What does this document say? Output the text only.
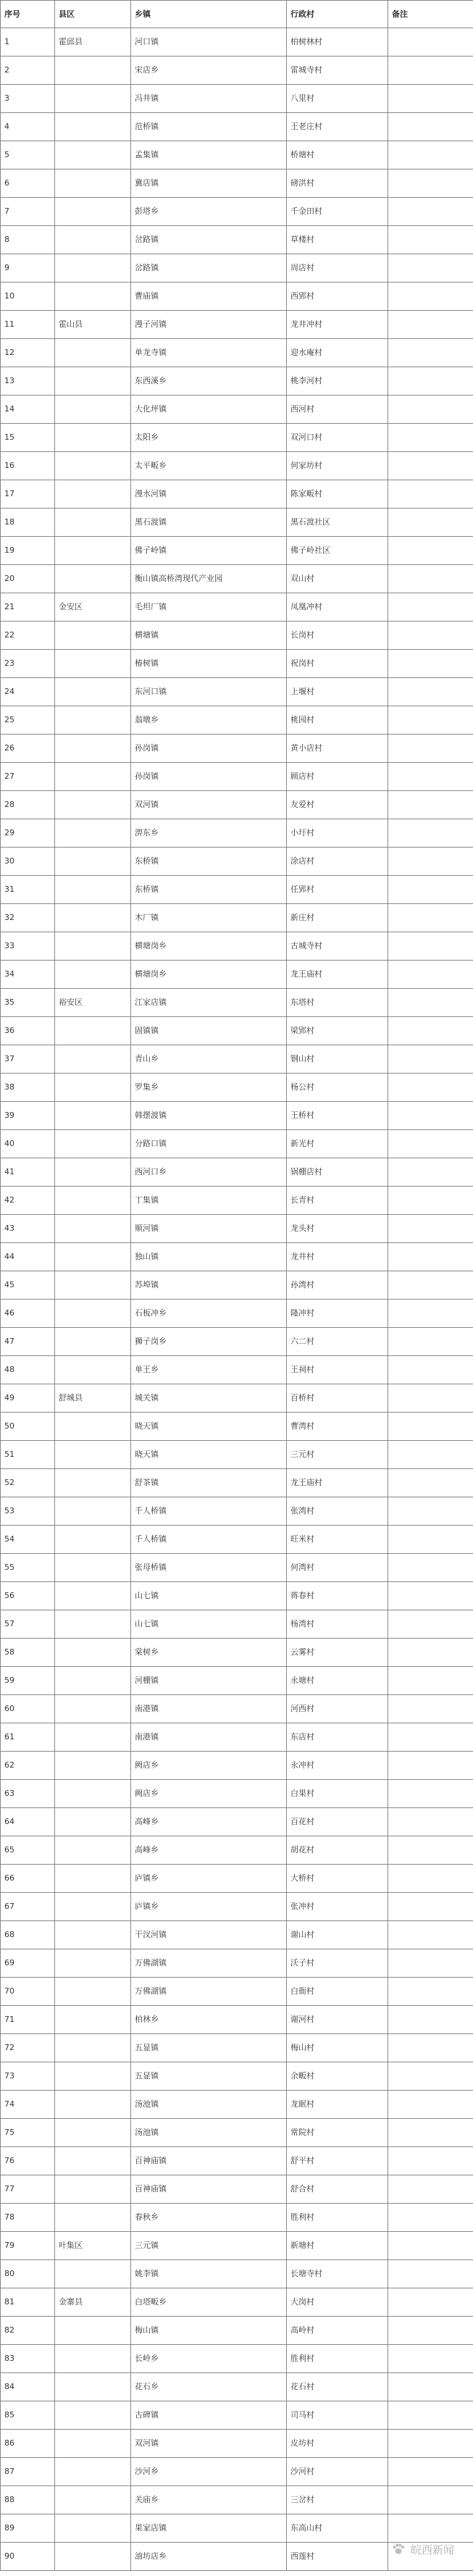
序号	县区	乡镇	行政村	备注
1	霍邱县	河口镇	柏树林村	
2		宋店乡	雷城寺村	
3		冯井镇	八里村	
4		范桥镇	王老庄村	
5		孟集镇	桥塘村	
6		冀店镇	磅洪村	
7		彭塔乡	千金田村	
8		岔路镇	草楼村	
9		岔路镇	周店村	
10		曹庙镇	西郢村	
11	霍山县	漫子河镇	龙井冲村	
12		单龙寺镇	迎水庵村	
13		东西溪乡	桃李河村	
14		大化坪镇	西河村	
15		太阳乡	双河口村	
16		太平畈乡	何家坊村	
17		漫水河镇	陈家畈村	
18		黑石渡镇	黑石渡社区	
19		佛子岭镇	佛子岭社区	
20		衡山镇高桥湾现代产业园	双山村	
21	金安区	毛坦厂镇	凤凰冲村	
22		横塘镇	长岗村	
23		椿树镇	祝岗村	
24		东河口镇	上堰村	
25		翁墩乡	桃园村	
26		孙岗镇	黄小店村	
27		孙岗镇	顾店村	
28		双河镇	友爱村	
29		淠东乡	小圩村	
30		东桥镇	涂店村	
31		东桥镇	任郢村	
32		木厂镇	新庄村	
33		横塘岗乡	古城寺村	
34		横塘岗乡	龙王庙村	
35	裕安区	江家店镇	东塔村	
36		固镇镇	梁郢村	
37		青山乡	钢山村	
38		罗集乡	杨公村	
39		韩摆渡镇	王桥村	
40		分路口镇	新光村	
41		西河口乡	锅棚店村	
42		丁集镇	长青村	
43		顺河镇	龙头村	
44		独山镇	龙井村	
45		苏埠镇	孙湾村	
46		石板冲乡	隆冲村	
47		狮子岗乡	六二村	
48		单王乡	王祠村	
49	舒城县	城关镇	百桥村	
50		晓天镇	曹湾村	
51		晓天镇	三元村	
52		舒茶镇	龙王庙村	
53		千人桥镇	张湾村	
54		千人桥镇	旺米村	
55		张母桥镇	何湾村	
56		山七镇	蒋春村	
57		山七镇	杨湾村	
58		棠树乡	云雾村	
59		河棚镇	永塘村	
60		南港镇	河西村	
61		南港镇	东店村	
62		阙店乡	永冲村	
63		阙店乡	白果村	
64		高峰乡	百花村	
65		高峰乡	胡花村	
66		庐镇乡	大桥村	
67		庐镇乡	张冲村	
68		干汊河镇	谢山村	
69		万佛湖镇	沃子村	
70		万佛湖镇	白衙村	
71		柏林乡	谢河村	
72		五显镇	梅山村	
73		五显镇	余畈村	
74		汤池镇	龙眠村	
75		汤池镇	常院村	
76		百神庙镇	舒平村	
77		百神庙镇	舒合村	
78		春秋乡	胜利村	
79	叶集区	三元镇	新塘村	
80		姚李镇	长塘寺村	
81	金寨县	白塔畈乡	大岗村	
82		梅山镇	高岭村	
83		长岭乡	胜利村	
84		花石乡	花石村	
85		古碑镇	司马村	
86		双河镇	皮坊村	
87		沙河乡	沙河村	
88		关庙乡	三岔村	
89		果家店镇	东高山村	
90		油坊店乡	西莲村		皖西新闻
